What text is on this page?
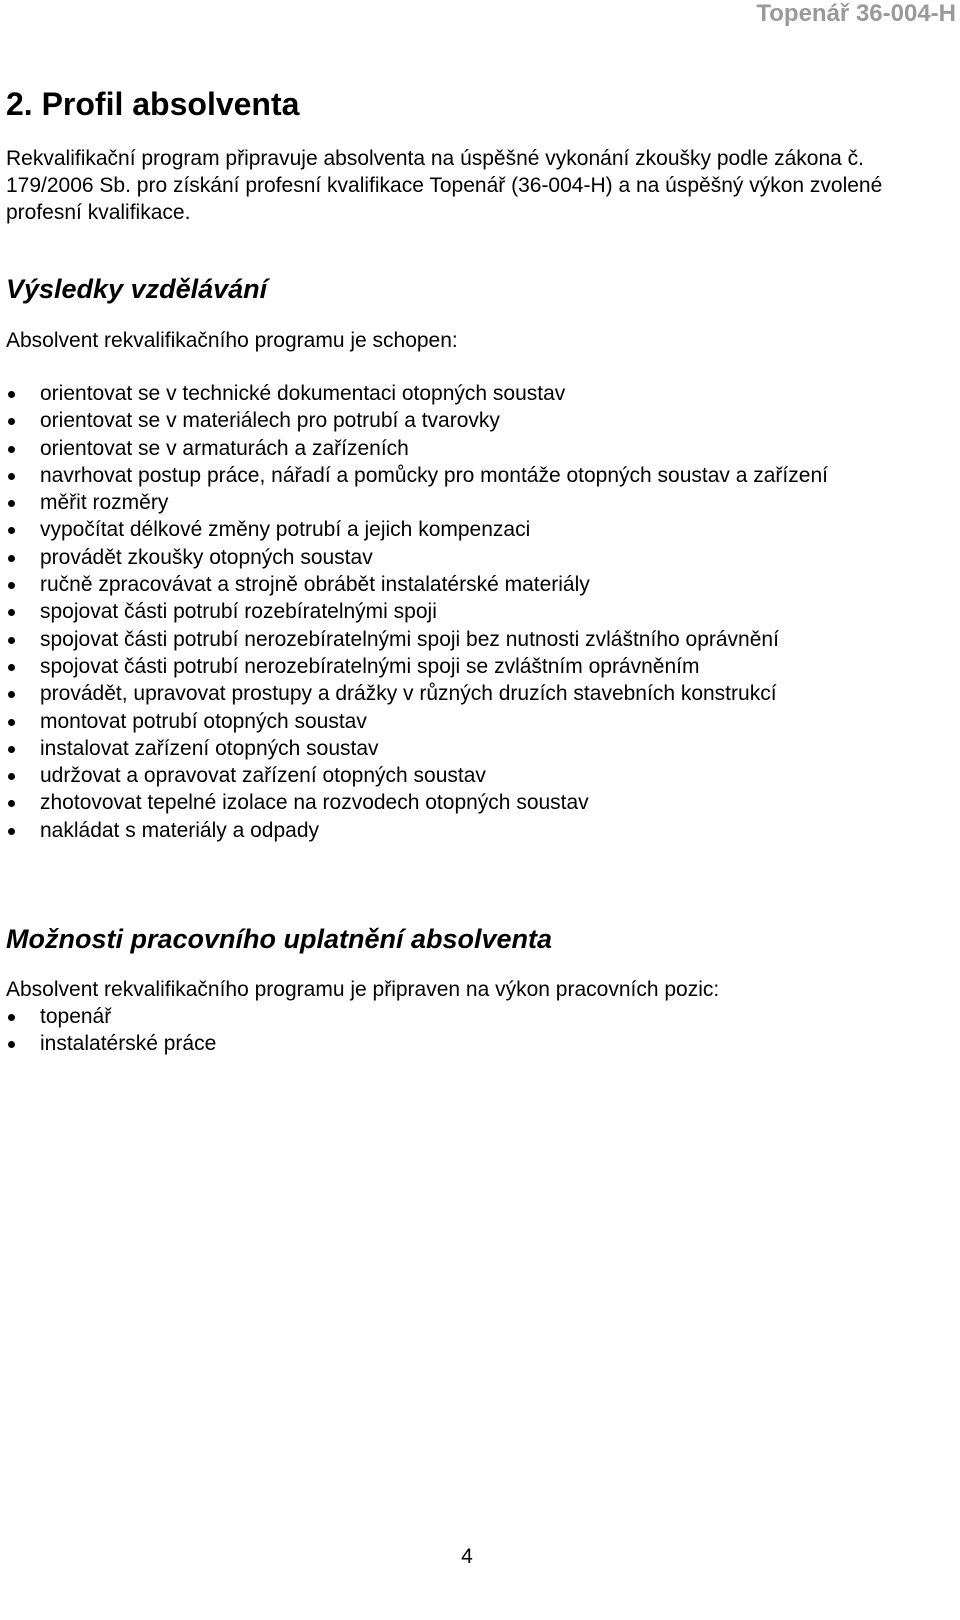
Topenář 36-004-H
2. Profil absolventa

Rekvalifikační program připravuje absolventa na úspěšné vykonání zkoušky podle zákona č. 179/2006 Sb. pro získání profesní kvalifikace Topenář (36-004-H) a na úspěšný výkon zvolené profesní kvalifikace.

Výsledky vzdělávání

Absolvent rekvalifikačního programu je schopen:

orientovat se v technické dokumentaci otopných soustav
orientovat se v materiálech pro potrubí a tvarovky
orientovat se v armaturách a zařízeních
navrhovat postup práce, nářadí a pomůcky pro montáže otopných soustav a zařízení
měřit rozměry
vypočítat délkové změny potrubí a jejich kompenzaci
provádět zkoušky otopných soustav
ručně zpracovávat a strojně obrábět instalatérské materiály
spojovat části potrubí rozebíratelnými spoji
spojovat části potrubí nerozebíratelnými spoji bez nutnosti zvláštního oprávnění
spojovat části potrubí nerozebíratelnými spoji se zvláštním oprávněním
provádět, upravovat prostupy a drážky v různých druzích stavebních konstrukcí
montovat potrubí otopných soustav
instalovat zařízení otopných soustav
udržovat a opravovat zařízení otopných soustav
zhotovovat tepelné izolace na rozvodech otopných soustav
nakládat s materiály a odpady
Možnosti pracovního uplatnění absolventa

Absolvent rekvalifikačního programu je připraven na výkon pracovních pozic:

topenář
instalatérské práce
4
